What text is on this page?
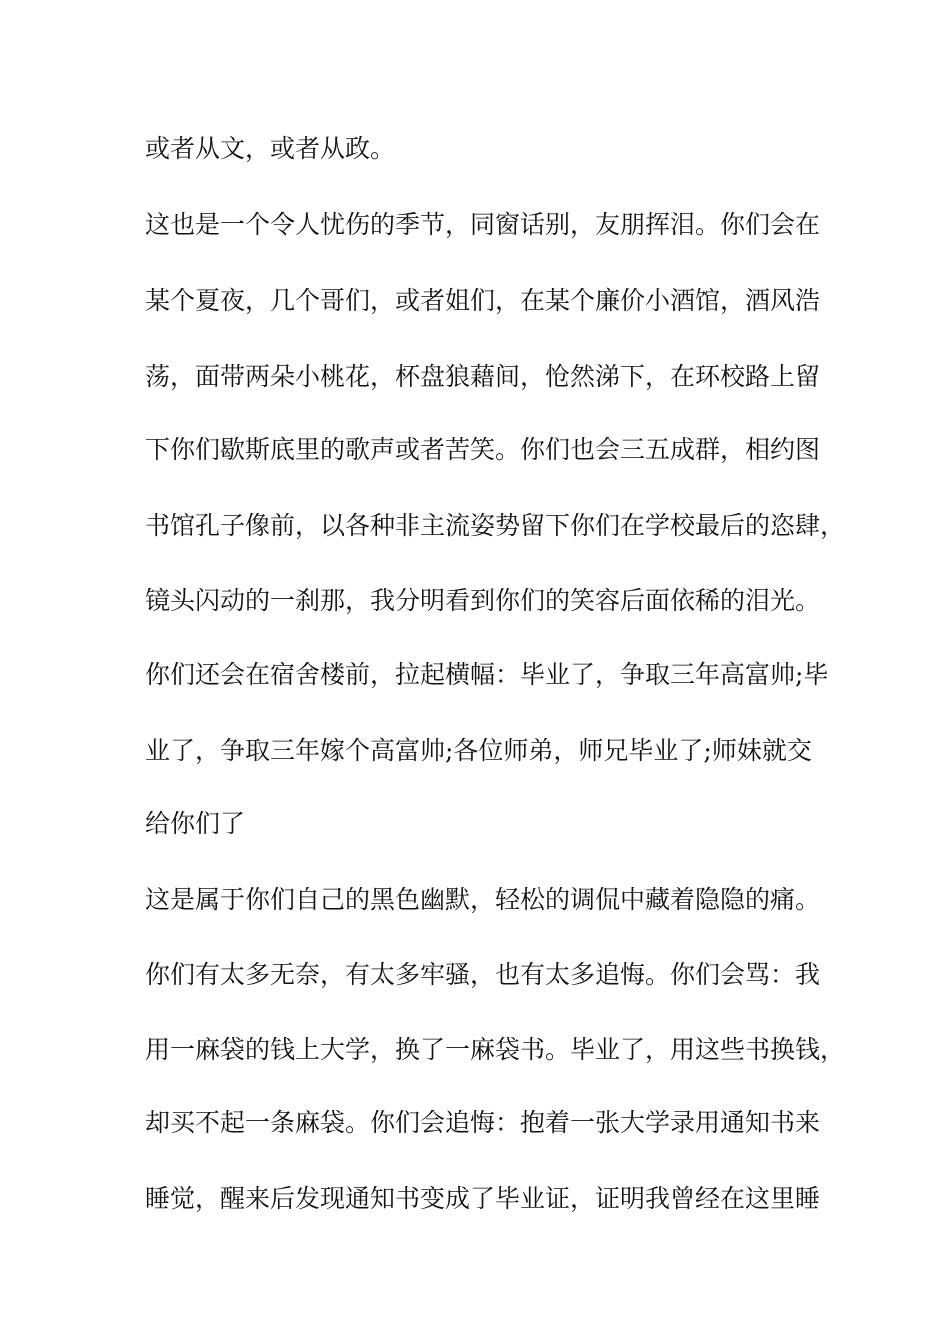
或者从文，或者从政。
这也是一个令人忧伤的季节，同窗话别，友朋挥泪。你们会在
某个夏夜，几个哥们，或者姐们，在某个廉价小酒馆，酒风浩
荡，面带两朵小桃花，杯盘狼藉间，怆然涕下，在环校路上留
下你们歇斯底里的歌声或者苦笑。你们也会三五成群，相约图
书馆孔子像前，以各种非主流姿势留下你们在学校最后的恣肆，
镜头闪动的一刹那，我分明看到你们的笑容后面依稀的泪光。
你们还会在宿舍楼前，拉起横幅：毕业了，争取三年高富帅;毕
业了，争取三年嫁个高富帅;各位师弟，师兄毕业了;师妹就交
给你们了
这是属于你们自己的黑色幽默，轻松的调侃中藏着隐隐的痛。
你们有太多无奈，有太多牢骚，也有太多追悔。你们会骂：我
用一麻袋的钱上大学，换了一麻袋书。毕业了，用这些书换钱，
却买不起一条麻袋。你们会追悔：抱着一张大学录用通知书来
睡觉，醒来后发现通知书变成了毕业证，证明我曾经在这里睡
